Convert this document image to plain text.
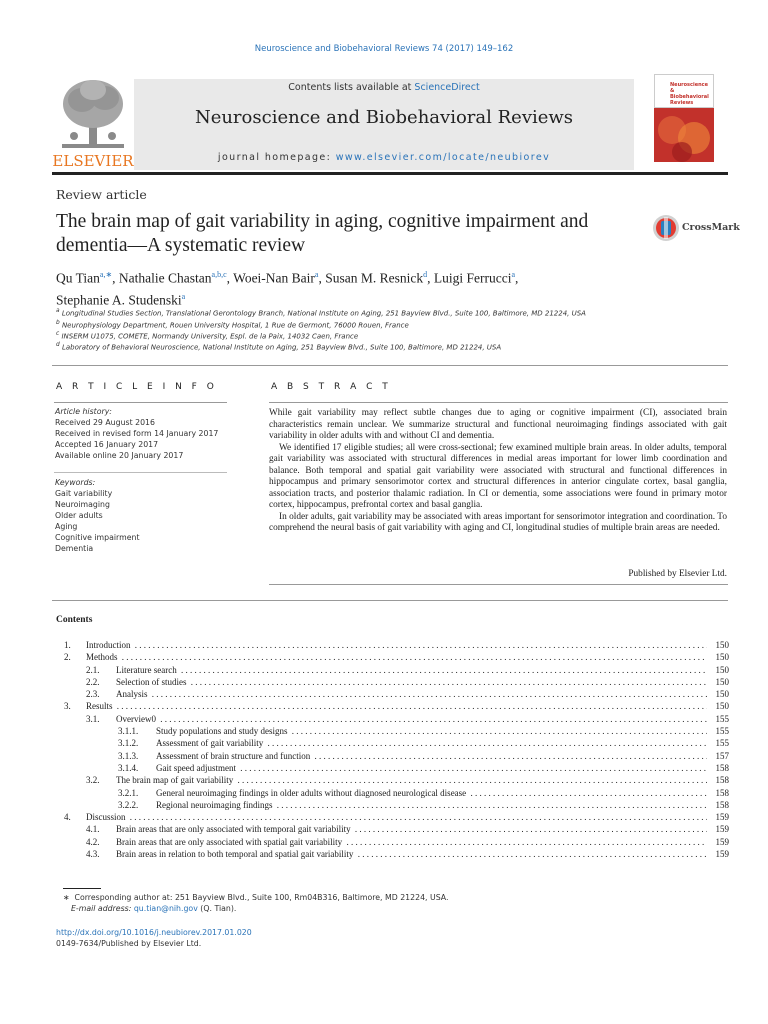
Neuroscience and Biobehavioral Reviews 74 (2017) 149–162
ELSEVIER
Contents lists available at ScienceDirect
Neuroscience and Biobehavioral Reviews
journal homepage: www.elsevier.com/locate/neubiorev
Neuroscience & Biobehavioral Reviews
Review article
The brain map of gait variability in aging, cognitive impairment and dementia—A systematic review
CrossMark
Qu Tian$^{a,∗}$, Nathalie Chastan$^{a,b,c}$, Woei-Nan Bair$^a$, Susan M. Resnick$^d$, Luigi Ferrucci$^a$,
Stephanie A. Studenski$^a$
$^a$ Longitudinal Studies Section, Translational Gerontology Branch, National Institute on Aging, 251 Bayview Blvd., Suite 100, Baltimore, MD 21224, USA
$^b$ Neurophysiology Department, Rouen University Hospital, 1 Rue de Germont, 76000 Rouen, France
$^c$ INSERM U1075, COMETE, Normandy University, Espl. de la Paix, 14032 Caen, France
$^d$ Laboratory of Behavioral Neuroscience, National Institute on Aging, 251 Bayview Blvd., Suite 100, Baltimore, MD 21224, USA
A R T I C L E I N F O	A B S T R A C T
Article history:
Received 29 August 2016
Received in revised form 14 January 2017
Accepted 16 January 2017
Available online 20 January 2017
Keywords:
Gait variability
Neuroimaging
Older adults
Aging
Cognitive impairment
Dementia

While gait variability may reflect subtle changes due to aging or cognitive impairment (CI), associated brain characteristics remain unclear. We summarize structural and functional neuroimaging findings associated with gait variability in older adults with and without CI and dementia.

We identified 17 eligible studies; all were cross-sectional; few examined multiple brain areas. In older adults, temporal gait variability was associated with structural differences in medial areas important for lower limb coordination and balance. Both temporal and spatial gait variability were associated with structural and functional differences in hippocampus and primary sensorimotor cortex and structural differences in anterior cingulate cortex, basal ganglia, association tracts, and posterior thalamic radiation. In CI or dementia, some associations were found in primary motor cortex, hippocampus, prefrontal cortex and basal ganglia.

In older adults, gait variability may be associated with areas important for sensorimotor integration and coordination. To comprehend the neural basis of gait variability with aging and CI, longitudinal studies of multiple brain areas are needed.

Published by Elsevier Ltd.
Contents
1. Introduction . . .	150
2. Methods . . .	150
2.1. Literature search . . .	150
2.2. Selection of studies . . .	150
2.3. Analysis . . .	150
3. Results . . .	150
3.1. Overview0 . . .	155
3.1.1. Study populations and study designs . . .	155
3.1.2. Assessment of gait variability . . .	155
3.1.3. Assessment of brain structure and function . . .	157
3.1.4. Gait speed adjustment . . .	158
3.2. The brain map of gait variability . . .	158
3.2.1. General neuroimaging findings in older adults without diagnosed neurological disease . . .	158
3.2.2. Regional neuroimaging findings . . .	158
4. Discussion . . .	159
4.1. Brain areas that are only associated with temporal gait variability . . .	159
4.2. Brain areas that are only associated with spatial gait variability . . .	159
4.3. Brain areas in relation to both temporal and spatial gait variability . . .	159
∗ Corresponding author at: 251 Bayview Blvd., Suite 100, Rm04B316, Baltimore, MD 21224, USA.
E-mail address: qu.tian@nih.gov (Q. Tian).
http://dx.doi.org/10.1016/j.neubiorev.2017.01.020
0149-7634/Published by Elsevier Ltd.
